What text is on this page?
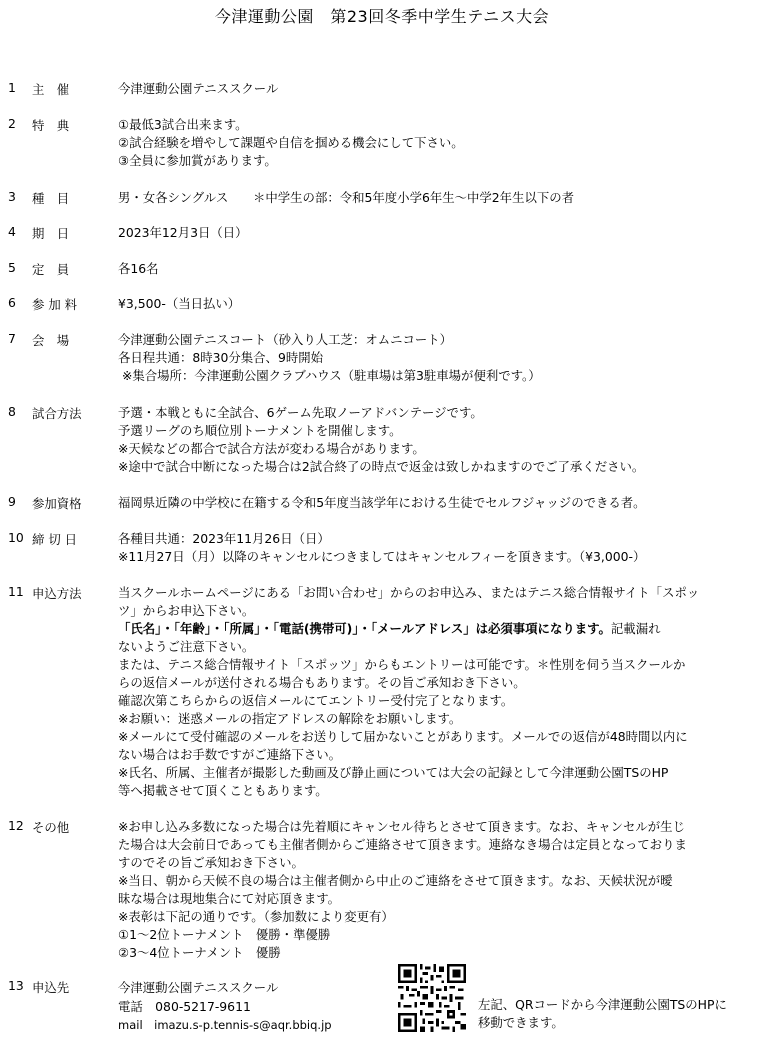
今津運動公園　第23回冬季中学生テニス大会
1	主　催	今津運動公園テニススクール
2	特　典	①最低3試合出来ます。
②試合経験を増やして課題や自信を掴める機会にして下さい。
③全員に参加賞があります。
3	種　目	男・女各シングルス　　＊中学生の部：令和5年度小学6年生～中学2年生以下の者
4	期　日	2023年12月3日（日）
5	定　員	各16名
6	参 加 料	¥3,500-（当日払い）
7	会　場	今津運動公園テニスコート（砂入り人工芝：オムニコート）
各日程共通：8時30分集合、9時開始
※集合場所：今津運動公園クラブハウス（駐車場は第3駐車場が便利です。）
8	試合方法	予選・本戦ともに全試合、6ゲーム先取ノーアドバンテージです。
予選リーグのち順位別トーナメントを開催します。
※天候などの都合で試合方法が変わる場合があります。
※途中で試合中断になった場合は2試合終了の時点で返金は致しかねますのでご了承ください。
9	参加資格	福岡県近隣の中学校に在籍する令和5年度当該学年における生徒でセルフジャッジのできる者。
10 締 切 日	各種目共通：2023年11月26日（日）
※11月27日（月）以降のキャンセルにつきましてはキャンセルフィーを頂きます。（¥3,000-）
11 申込方法	当スクールホームページにある「お問い合わせ」からのお申込み、またはテニス総合情報サイト「スポッ
ツ」からお申込下さい。
「氏名」・「年齢」・「所属」・「電話(携帯可)」・「メールアドレス」は必須事項になります。記載漏れ
ないようご注意下さい。
または、テニス総合情報サイト「スポッツ」からもエントリーは可能です。＊性別を伺う当スクールか
らの返信メールが送付される場合もあります。その旨ご承知おき下さい。
確認次第こちらからの返信メールにてエントリー受付完了となります。
※お願い：迷惑メールの指定アドレスの解除をお願いします。
※メールにて受付確認のメールをお送りして届かないことがあります。メールでの返信が48時間以内に
ない場合はお手数ですがご連絡下さい。
※氏名、所属、主催者が撮影した動画及び静止画については大会の記録として今津運動公園TSのHP
等へ掲載させて頂くこともあります。
12 その他	※お申し込み多数になった場合は先着順にキャンセル待ちとさせて頂きます。なお、キャンセルが生じ
た場合は大会前日であっても主催者側からご連絡させて頂きます。連絡なき場合は定員となっておりま
すのでその旨ご承知おき下さい。
※当日、朝から天候不良の場合は主催者側から中止のご連絡をさせて頂きます。なお、天候状況が曖
昧な場合は現地集合にて対応頂きます。
※表彰は下記の通りです。（参加数により変更有）
①1～2位トーナメント　優勝・準優勝
②3～4位トーナメント　優勝
13 申込先	今津運動公園テニススクール
電話　080-5217-9611
mail　imazu.s-p.tennis-s@aqr.bbiq.jp
左記、QRコードから今津運動公園TSのHPに
移動できます。
